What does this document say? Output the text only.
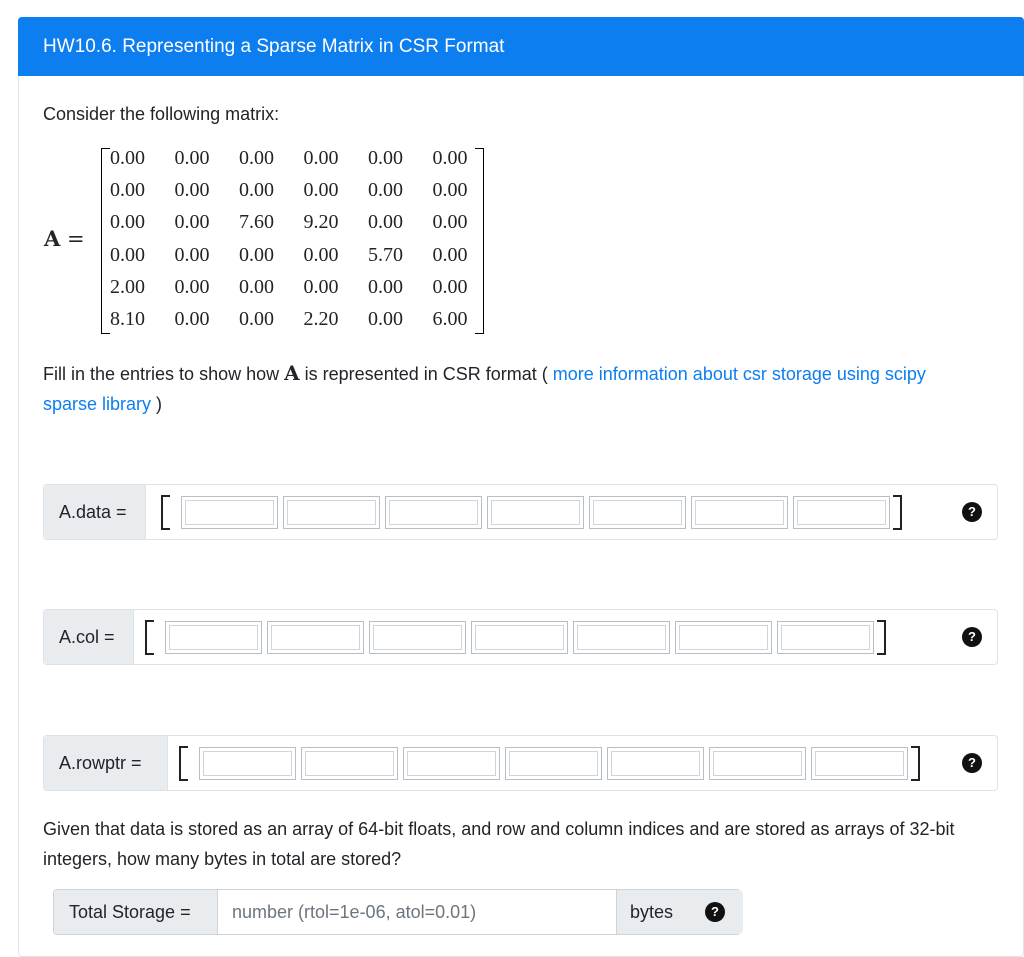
HW10.6. Representing a Sparse Matrix in CSR Format
Consider the following matrix:
A =
0.00	0.00	0.00	0.00	0.00	0.00
0.00	0.00	0.00	0.00	0.00	0.00
0.00	0.00	7.60	9.20	0.00	0.00
0.00	0.00	0.00	0.00	5.70	0.00
2.00	0.00	0.00	0.00	0.00	0.00
8.10	0.00	0.00	2.20	0.00	6.00
Fill in the entries to show how A is represented in CSR format ( more information about csr storage using scipy sparse library )
A.data =	?
A.col =	?
A.rowptr =	?
Given that data is stored as an array of 64-bit floats, and row and column indices and are stored as arrays of 32-bit integers, how many bytes in total are stored?
Total Storage =
number (rtol=1e-06, atol=0.01)	bytes	?
